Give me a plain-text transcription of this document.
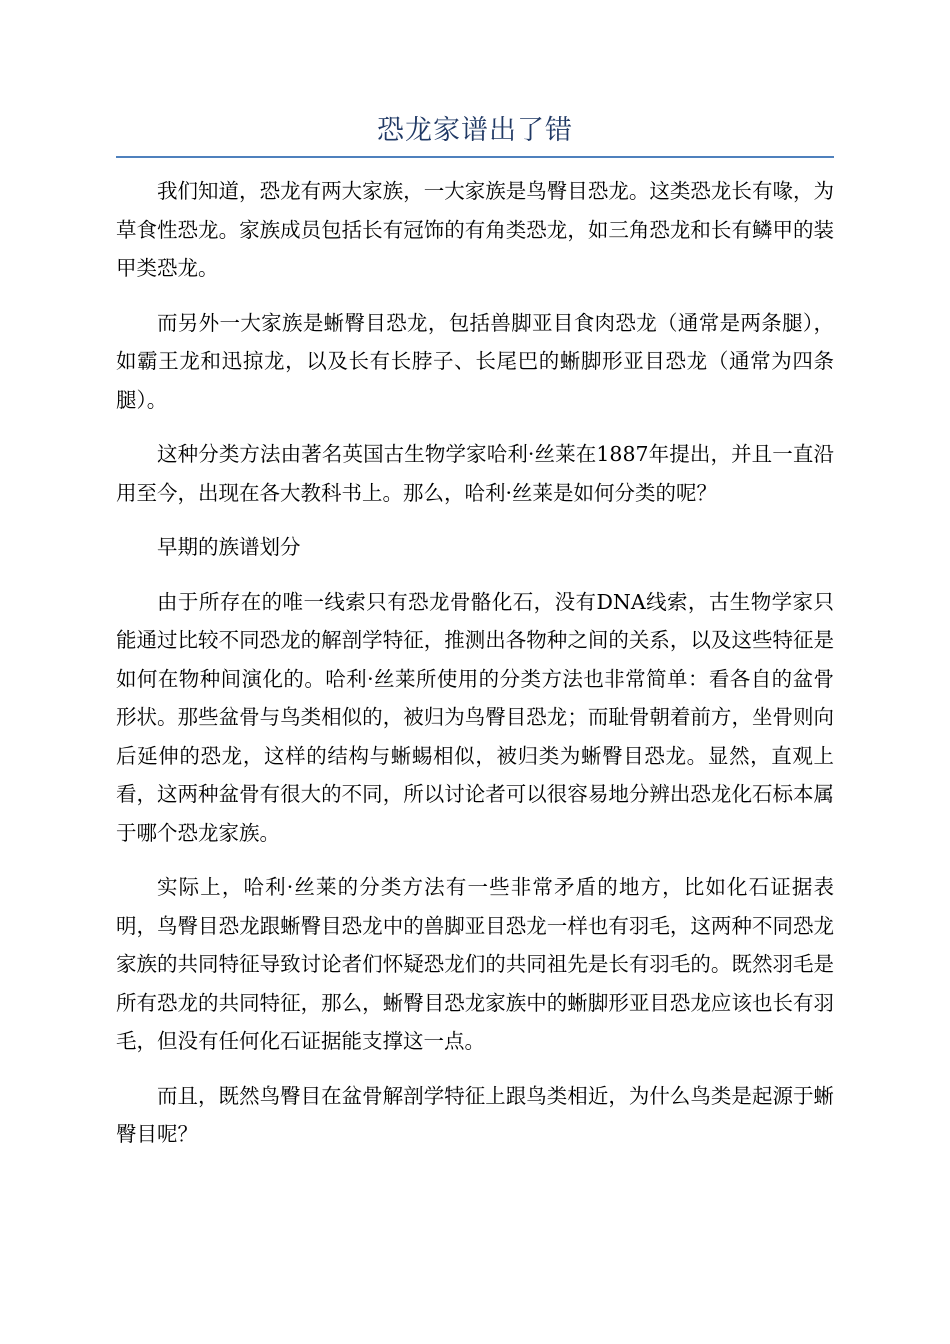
恐龙家谱出了错

我们知道，恐龙有两大家族，一大家族是鸟臀目恐龙。这类恐龙长有喙，为草食性恐龙。家族成员包括长有冠饰的有角类恐龙，如三角恐龙和长有鳞甲的装甲类恐龙。

而另外一大家族是蜥臀目恐龙，包括兽脚亚目食肉恐龙（通常是两条腿），如霸王龙和迅掠龙，以及长有长脖子、长尾巴的蜥脚形亚目恐龙（通常为四条腿）。

这种分类方法由著名英国古生物学家哈利·丝莱在1887年提出，并且一直沿用至今，出现在各大教科书上。那么，哈利·丝莱是如何分类的呢？

早期的族谱划分

由于所存在的唯一线索只有恐龙骨骼化石，没有DNA线索，古生物学家只能通过比较不同恐龙的解剖学特征，推测出各物种之间的关系，以及这些特征是如何在物种间演化的。哈利·丝莱所使用的分类方法也非常简单：看各自的盆骨形状。那些盆骨与鸟类相似的，被归为鸟臀目恐龙；而耻骨朝着前方，坐骨则向后延伸的恐龙，这样的结构与蜥蜴相似，被归类为蜥臀目恐龙。显然，直观上看，这两种盆骨有很大的不同，所以讨论者可以很容易地分辨出恐龙化石标本属于哪个恐龙家族。

实际上，哈利·丝莱的分类方法有一些非常矛盾的地方，比如化石证据表明，鸟臀目恐龙跟蜥臀目恐龙中的兽脚亚目恐龙一样也有羽毛，这两种不同恐龙家族的共同特征导致讨论者们怀疑恐龙们的共同祖先是长有羽毛的。既然羽毛是所有恐龙的共同特征，那么，蜥臀目恐龙家族中的蜥脚形亚目恐龙应该也长有羽毛，但没有任何化石证据能支撑这一点。

而且，既然鸟臀目在盆骨解剖学特征上跟鸟类相近，为什么鸟类是起源于蜥臀目呢？
